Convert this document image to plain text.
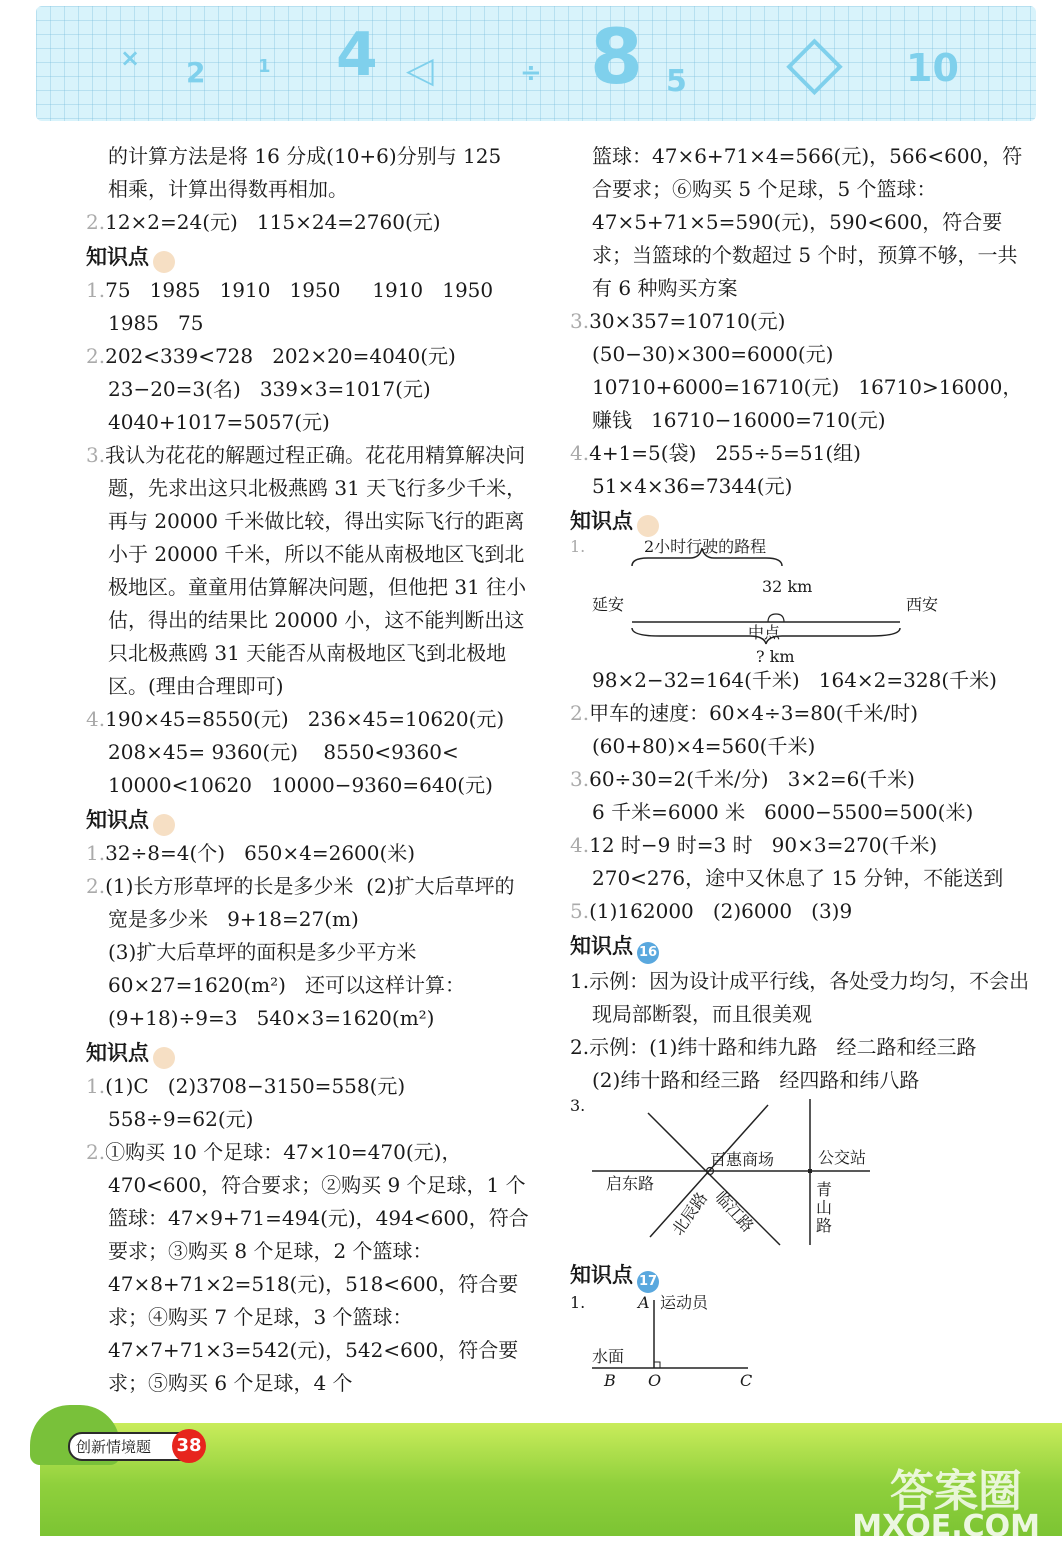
× 2	1 4 ◁	÷ 8 5 ◇ 10

的计算方法是将 16 分成(10+6)分别与 125

相乘，计算出得数再相加。

2.12×2=24(元)   115×24=2760(元)

知识点

1.75   1985   1910   1950     1910   1950

1985   75

2.202<339<728   202×20=4040(元)

23−20=3(名)   339×3=1017(元)

4040+1017=5057(元)

3.我认为花花的解题过程正确。花花用精算解决问题，先求出这只北极燕鸥 31 天飞行多少千米，再与 20000 千米做比较，得出实际飞行的距离小于 20000 千米，所以不能从南极地区飞到北极地区。童童用估算解决问题，但他把 31 往小估，得出的结果比 20000 小，这不能判断出这只北极燕鸥 31 天能否从南极地区飞到北极地区。(理由合理即可)

4.190×45=8550(元)   236×45=10620(元)

208×45= 9360(元)    8550<9360<

10000<10620   10000−9360=640(元)

知识点

1.32÷8=4(个)   650×4=2600(米)

2.(1)长方形草坪的长是多少米  (2)扩大后草坪的宽是多少米   9+18=27(m)

(3)扩大后草坪的面积是多少平方米   60×27=1620(m²)   还可以这样计算：(9+18)÷9=3   540×3=1620(m²)

知识点

1.(1)C   (2)3708−3150=558(元)

558÷9=62(元)

2.①购买 10 个足球：47×10=470(元)，470<600，符合要求；②购买 9 个足球，1 个篮球：47×9+71=494(元)，494<600，符合要求；③购买 8 个足球，2 个篮球：47×8+71×2=518(元)，518<600，符合要求；④购买 7 个足球，3 个篮球：47×7+71×3=542(元)，542<600，符合要求；⑤购买 6 个足球，4 个

篮球：47×6+71×4=566(元)，566<600，符合要求；⑥购买 5 个足球，5 个篮球：47×5+71×5=590(元)，590<600，符合要求；当篮球的个数超过 5 个时，预算不够，一共有 6 种购买方案

3.30×357=10710(元)   (50−30)×300=6000(元)   10710+6000=16710(元)   16710>16000，赚钱   16710−16000=710(元)

4.4+1=5(袋)   255÷5=51(组)

51×4×36=7344(元)

知识点
1.	2小时行驶的路程
32 km
延安	西安
中点
? km

98×2−32=164(千米)   164×2=328(千米)

2.甲车的速度：60×4÷3=80(千米/时)

(60+80)×4=560(千米)

3.60÷30=2(千米/分)   3×2=6(千米)

6 千米=6000 米   6000−5500=500(米)

4.12 时−9 时=3 时   90×3=270(千米)

270<276，途中又休息了 15 分钟，不能送到

5.(1)162000   (2)6000   (3)9

知识点 16

1.示例：因为设计成平行线，各处受力均匀，不会出现局部断裂，而且很美观

2.示例：(1)纬十路和纬九路   经二路和经三路

(2)纬十路和经三路   经四路和纬八路

3.
百惠商场	公交站
启东路	青山路
北辰路 临江路
知识点 17
1.	A 运动员
水面
B O	C
创新情境题	38
答案圈
MXQE.COM
